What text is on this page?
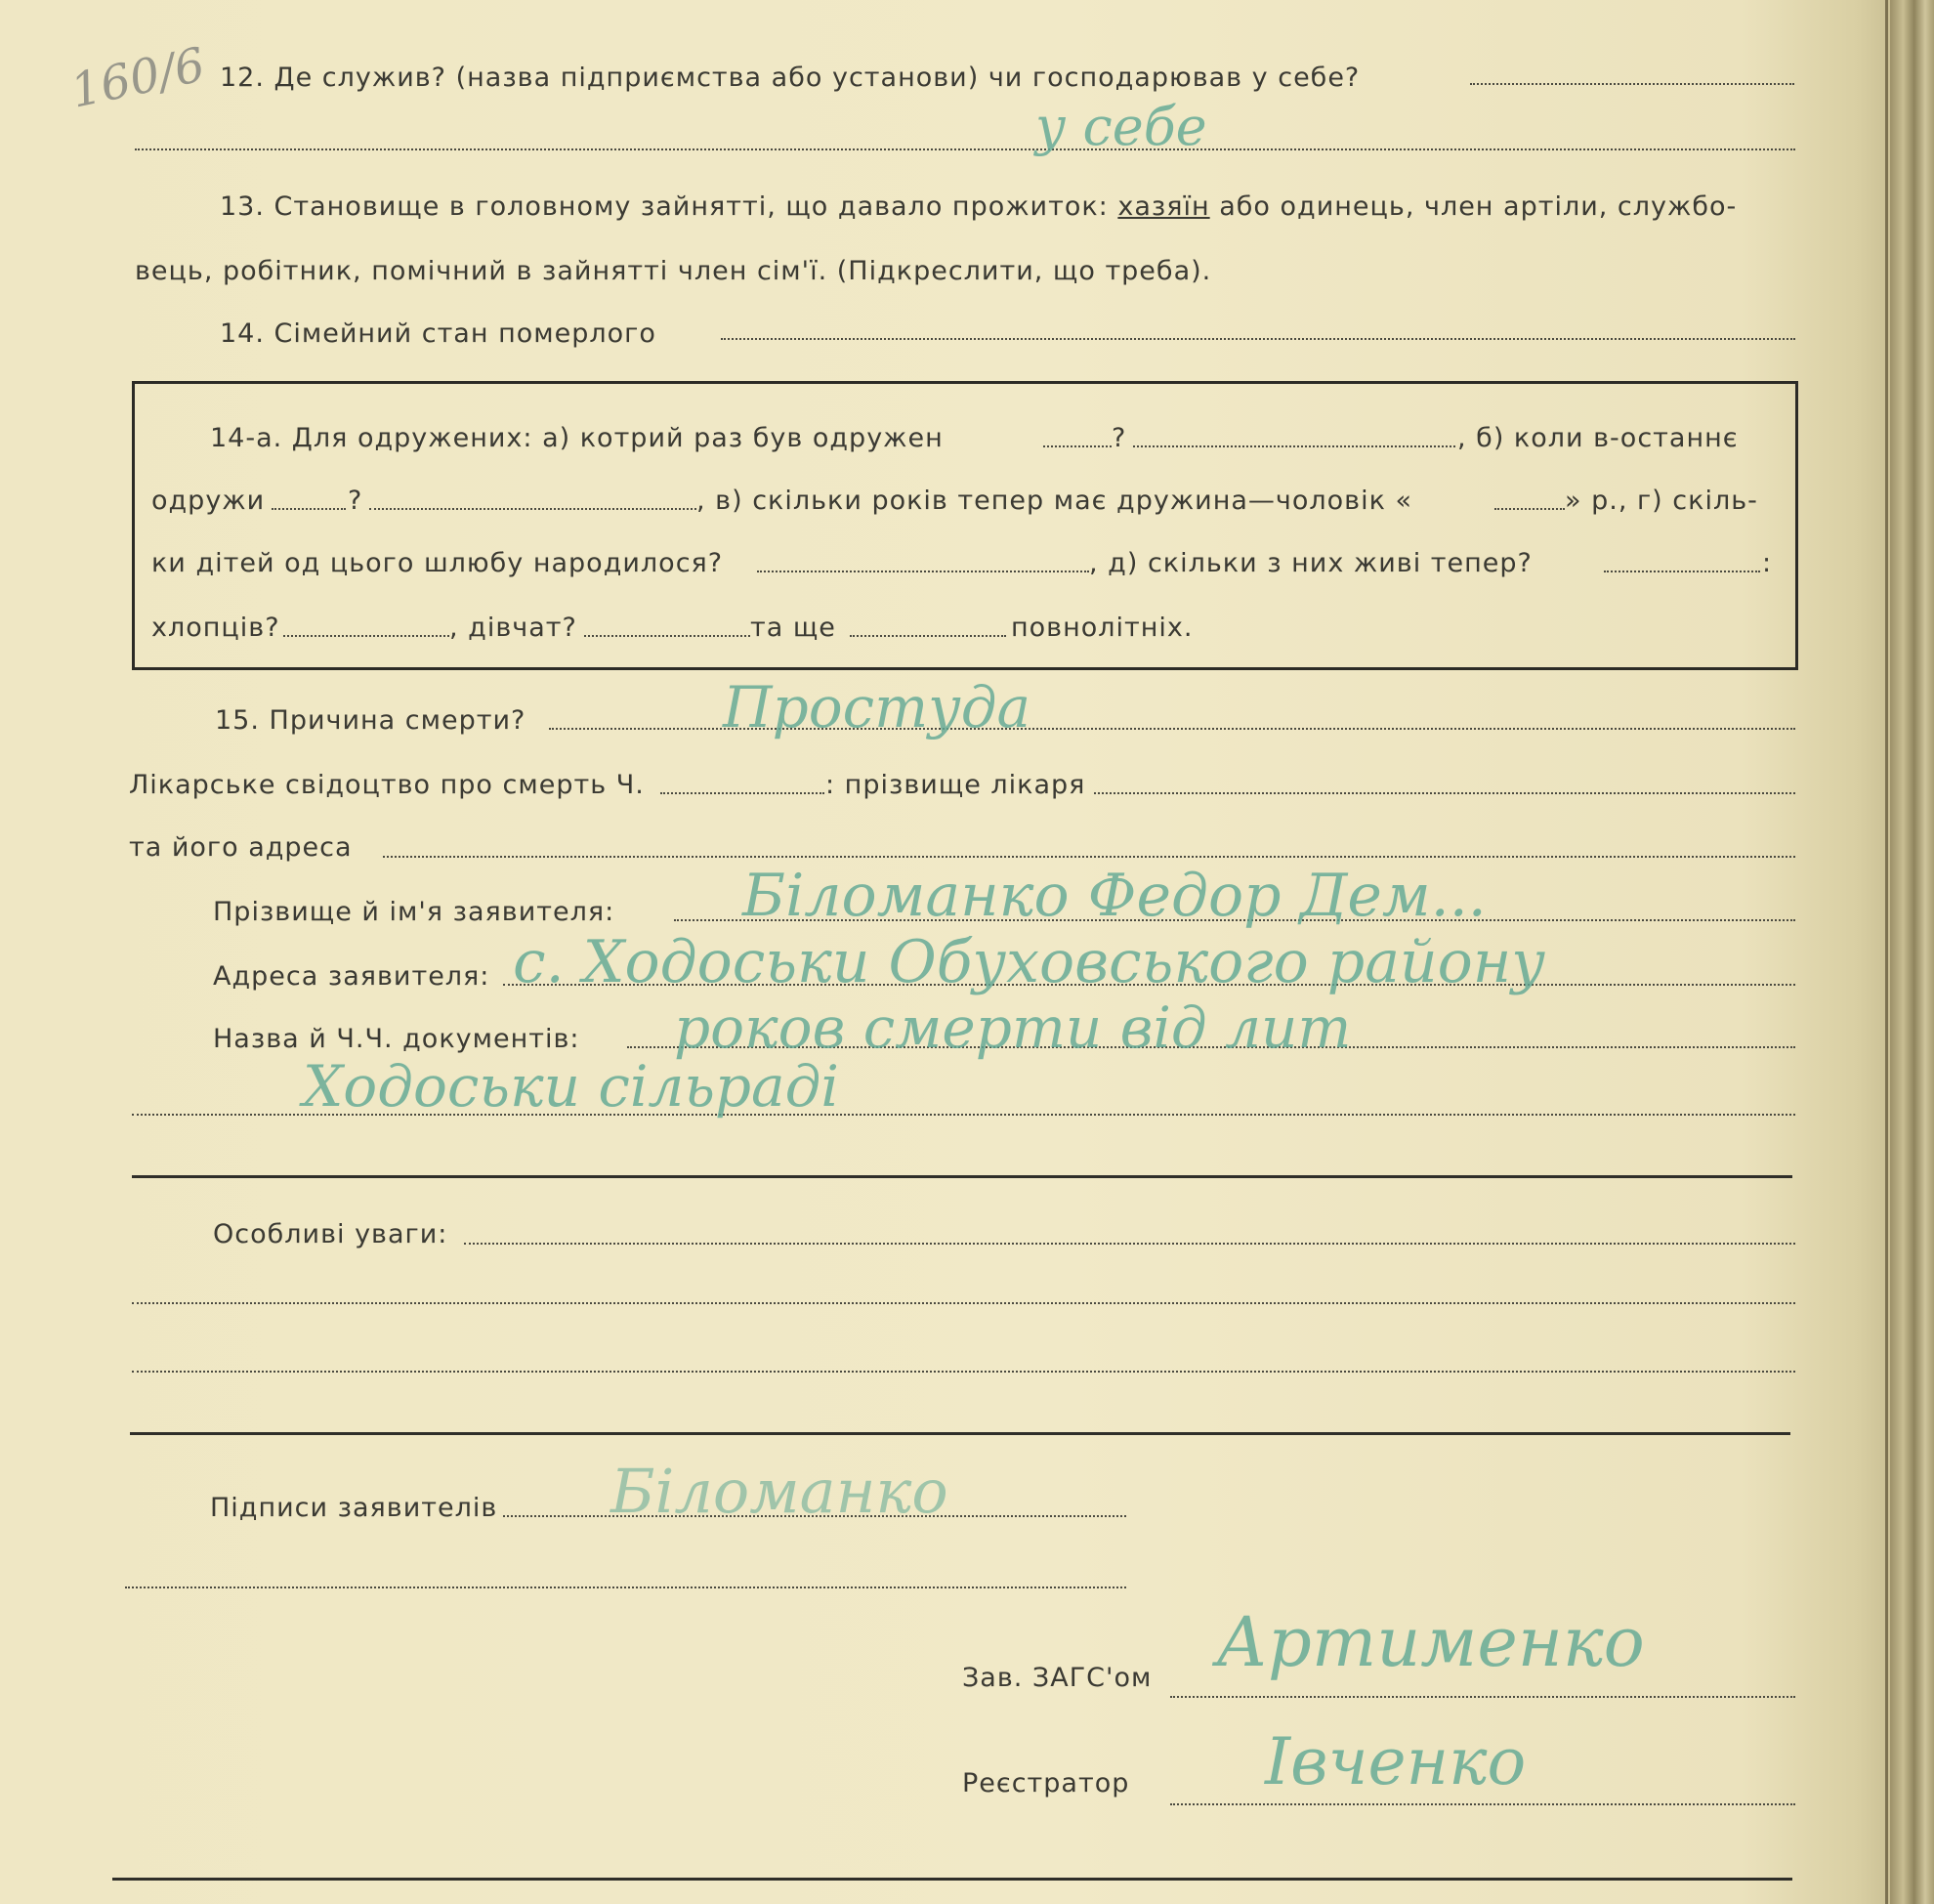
160/6 12. Де служив? (назва підприємства або установи) чи господарював у себе?
у себе
13. Становище в головному зайнятті, що давало прожиток: хазяїн або одинець, член артіли, службо-
вець, робітник, помічний в зайнятті член сім'ї. (Підкреслити, що треба).
14. Сімейний стан померлого
14-а. Для одружених: а) котрий раз був одружен	?	, б) коли в-останнє
одружи	?	, в) скільки років тепер має дружина—чоловік «	» р., г) скіль-
ки дітей од цього шлюбу народилося?	, д) скільки з них живі тепер?	:
хлопців?	, дівчат?	та ще	повнолітніх.
15. Причина смерти?	Простуда
Лікарське свідоцтво про смерть Ч.	: прізвище лікаря
та його адреса
Прізвище й ім'я заявителя: Біломанко Федор Дем...
Адреса заявителя: с. Ходоськи Обуховського району
Назва й Ч.Ч. документів: роков смерти від лит
Ходоськи сільраді
Особливі уваги:
Підписи заявителів Біломанко
Зав. ЗАГС'ом Артименко
Реєстратор Івченко
